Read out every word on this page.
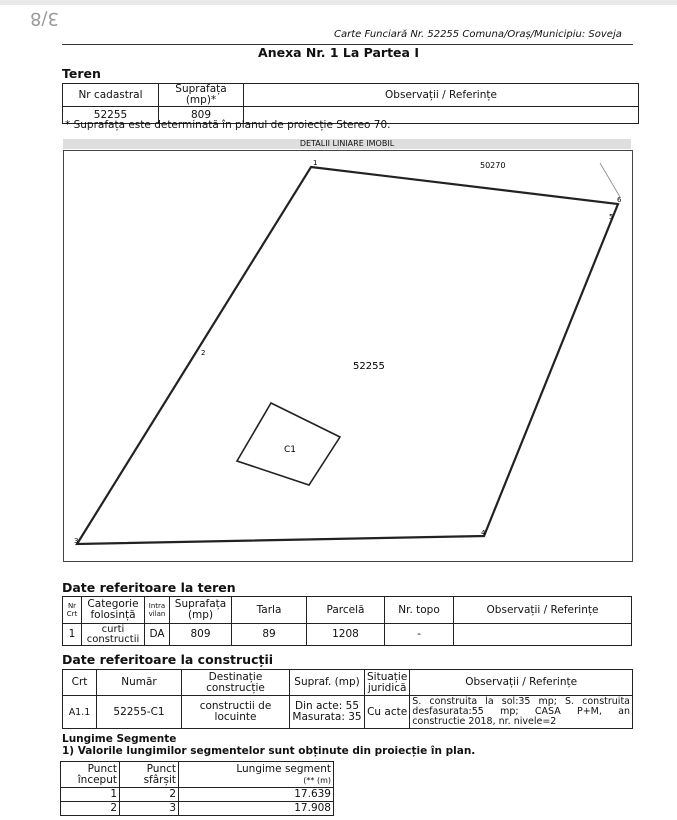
3/8
Carte Funciară Nr. 52255 Comuna/Oraș/Municipiu: Soveja
Anexa Nr. 1 La Partea I
Teren
Nr cadastral	Suprafața (mp)*	Observații / Referințe
52255	809	
* Suprafața este determinată în planul de proiecție Stereo 70.
DETALII LINIARE IMOBIL
1
2
3
4
5
6
50270
52255
C1
Date referitoare la teren
Nr Crt	Categorie folosință	Intra vilan	Suprafața (mp)	Tarla	Parcelă	Nr. topo	Observații / Referințe
1	curti constructii	DA	809	89	1208	-	
Date referitoare la construcții
Crt	Număr	Destinație construcție	Supraf. (mp)	Situație juridică	Observații / Referințe
A1.1	52255-C1	constructii de locuinte	Din acte: 55
Masurata: 35	Cu acte	S. construita la sol:35 mp; S. construita desfasurata:55 mp; CASA P+M, an constructie 2018, nr. nivele=2
Lungime Segmente
1) Valorile lungimilor segmentelor sunt obținute din proiecție în plan.
Punct început	Punct sfârșit	Lungime segment
(** (m)

1	2	17.639
2	3	17.908
